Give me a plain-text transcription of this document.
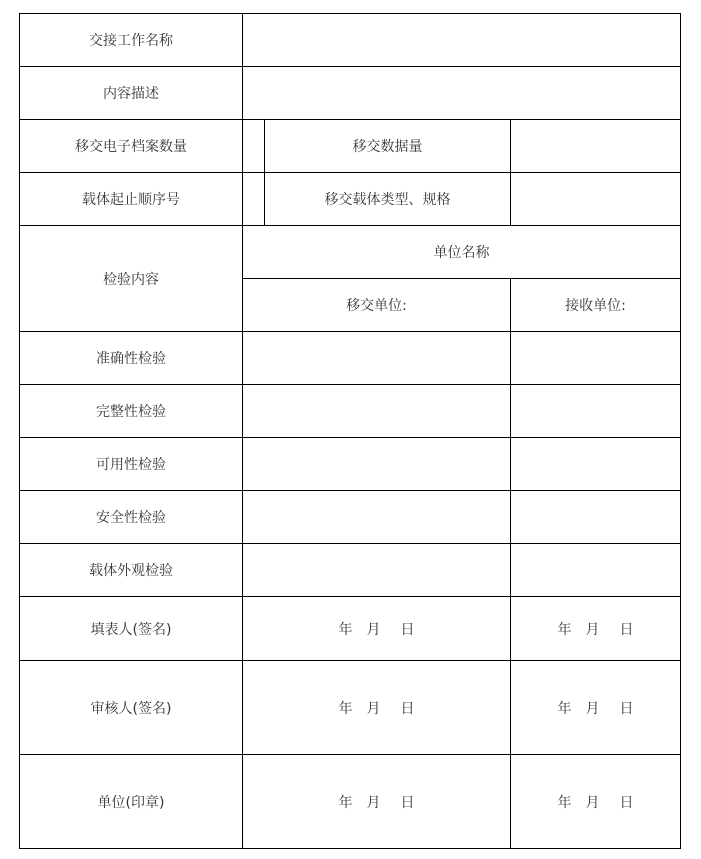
交接工作名称			
内容描述			
移交电子档案数量		移交数据量	
载体起止顺序号		移交载体类型、规格	
检验内容	单位名称		
	移交单位:		接收单位:
准确性检验			
完整性检验			
可用性检验			
安全性检验			
载体外观检验			
填表人(签名)	年 月 日		年 月 日
审核人(签名)	年 月 日		年 月 日
单位(印章)	年 月 日		年 月 日
